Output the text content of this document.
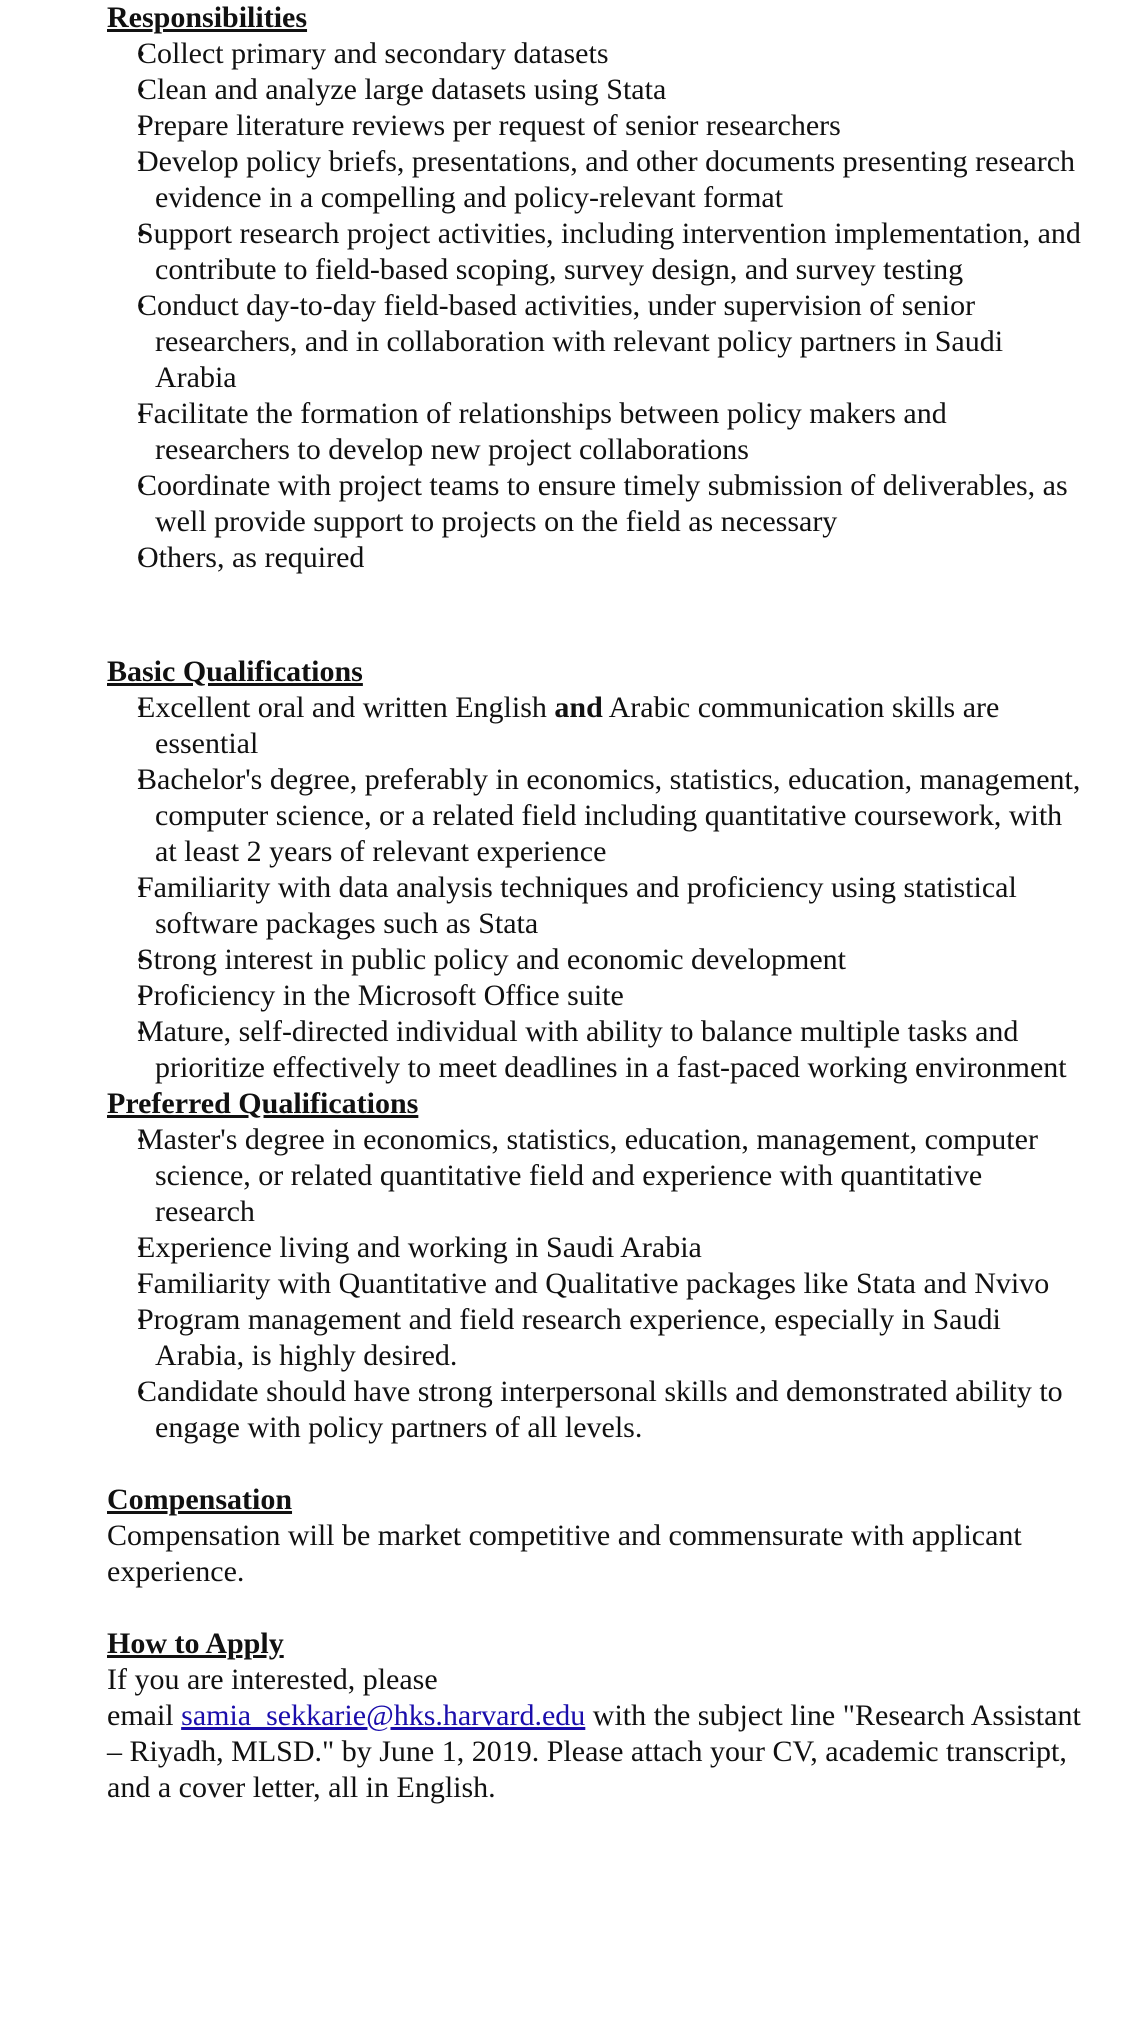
Responsibilities
• Collect primary and secondary datasets
• Clean and analyze large datasets using Stata
• Prepare literature reviews per request of senior researchers
• Develop policy briefs, presentations, and other documents presenting research evidence in a compelling and policy-relevant format
• Support research project activities, including intervention implementation, and contribute to field-based scoping, survey design, and survey testing
• Conduct day-to-day field-based activities, under supervision of senior researchers, and in collaboration with relevant policy partners in Saudi Arabia
• Facilitate the formation of relationships between policy makers and researchers to develop new project collaborations
• Coordinate with project teams to ensure timely submission of deliverables, as well provide support to projects on the field as necessary
• Others, as required
Basic Qualifications
• Excellent oral and written English and Arabic communication skills are essential
• Bachelor's degree, preferably in economics, statistics, education, management, computer science, or a related field including quantitative coursework, with at least 2 years of relevant experience
• Familiarity with data analysis techniques and proficiency using statistical software packages such as Stata
• Strong interest in public policy and economic development
• Proficiency in the Microsoft Office suite
• Mature, self-directed individual with ability to balance multiple tasks and prioritize effectively to meet deadlines in a fast-paced working environment
Preferred Qualifications
• Master's degree in economics, statistics, education, management, computer science, or related quantitative field and experience with quantitative research
• Experience living and working in Saudi Arabia
• Familiarity with Quantitative and Qualitative packages like Stata and Nvivo
• Program management and field research experience, especially in Saudi Arabia, is highly desired.
• Candidate should have strong interpersonal skills and demonstrated ability to engage with policy partners of all levels.
Compensation

Compensation will be market competitive and commensurate with applicant experience.

How to Apply

If you are interested, please

email samia_sekkarie@hks.harvard.edu with the subject line "Research Assistant – Riyadh, MLSD." by June 1, 2019. Please attach your CV, academic transcript, and a cover letter, all in English.
